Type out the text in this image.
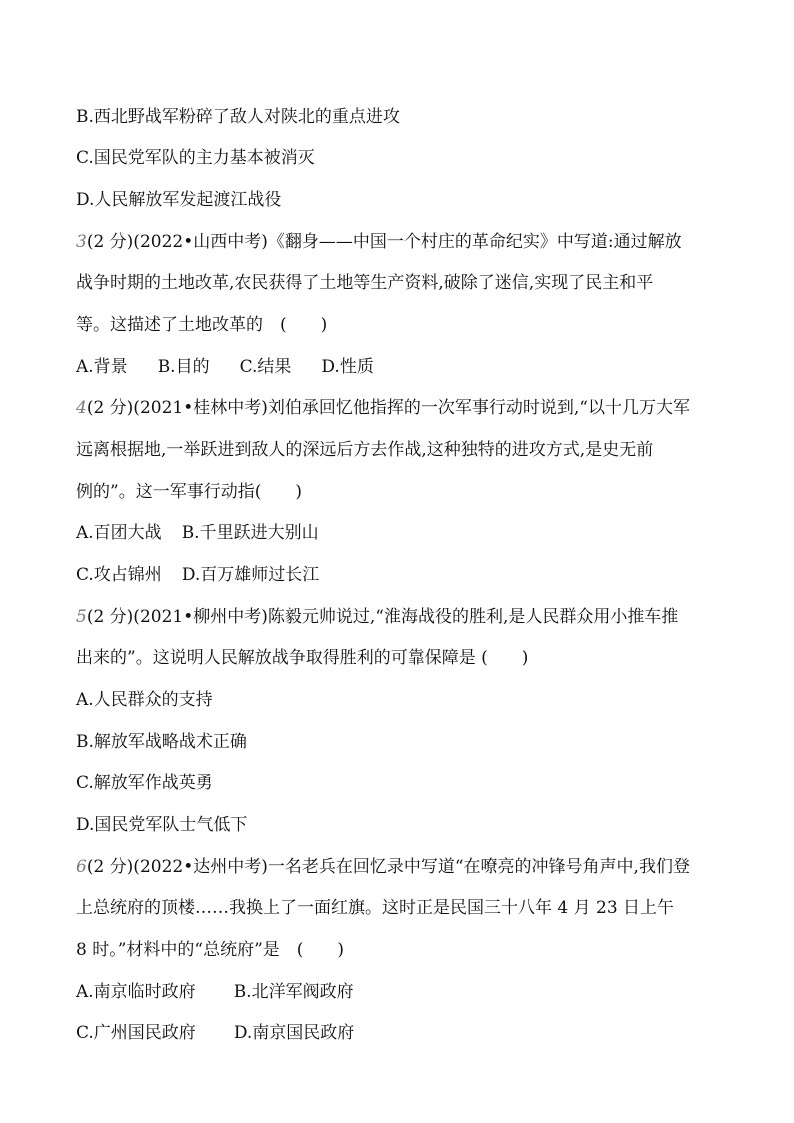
B.西北野战军粉碎了敌人对陕北的重点进攻
C.国民党军队的主力基本被消灭
D.人民解放军发起渡江战役
3(2 分)(2022•山西中考)《翻身——中国一个村庄的革命纪实》中写道:通过解放
战争时期的土地改革,农民获得了土地等生产资料,破除了迷信,实现了民主和平
等。这描述了土地改革的　(　　)
A.背景 B.目的 C.结果 D.性质
4(2 分)(2021•桂林中考)刘伯承回忆他指挥的一次军事行动时说到,“以十几万大军
远离根据地,一举跃进到敌人的深远后方去作战,这种独特的进攻方式,是史无前
例的”。这一军事行动指(　　)
A.百团大战 B.千里跃进大别山
C.攻占锦州 D.百万雄师过长江
5(2 分)(2021•柳州中考)陈毅元帅说过,“淮海战役的胜利,是人民群众用小推车推
出来的”。这说明人民解放战争取得胜利的可靠保障是 (　　)
A.人民群众的支持
B.解放军战略战术正确
C.解放军作战英勇
D.国民党军队士气低下
6(2 分)(2022•达州中考)一名老兵在回忆录中写道“在嘹亮的冲锋号角声中,我们登
上总统府的顶楼……我换上了一面红旗。这时正是民国三十八年 4 月 23 日上午
8 时。”材料中的“总统府”是　(　　)
A.南京临时政府 B.北洋军阀政府
C.广州国民政府 D.南京国民政府
